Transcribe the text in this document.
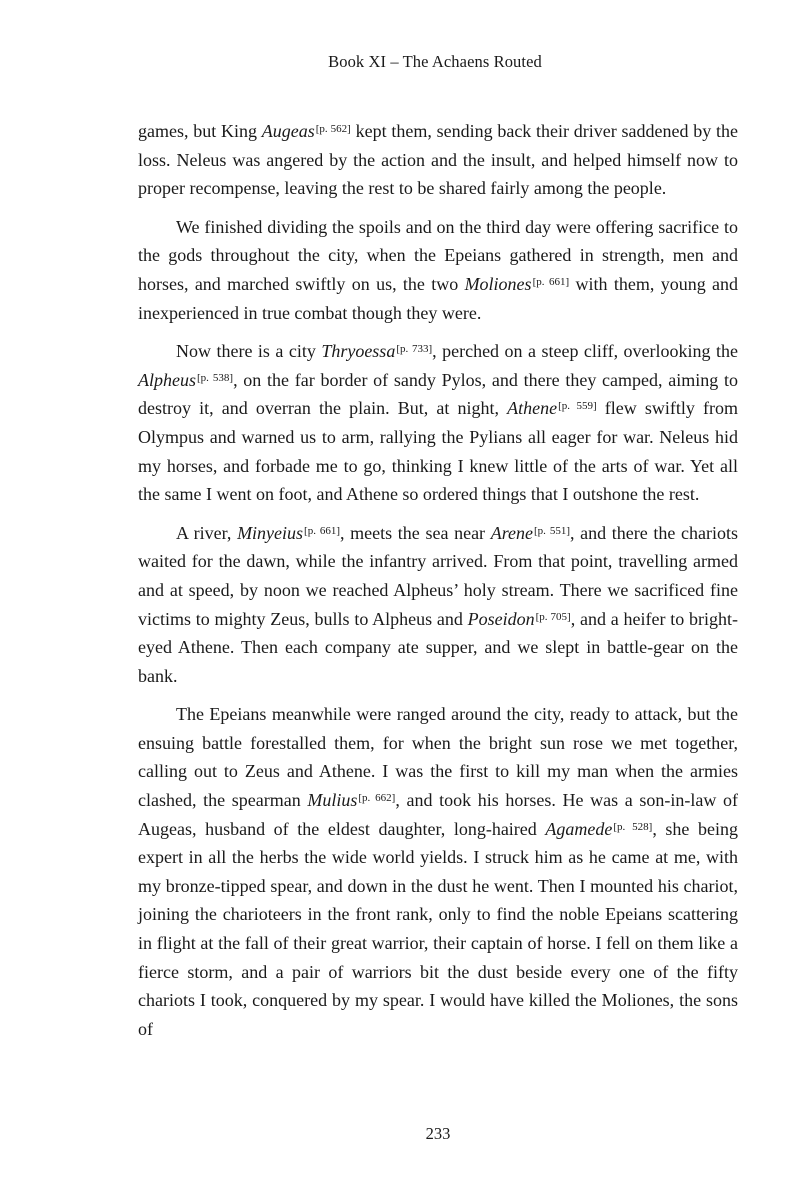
Book XI – The Achaens Routed

games, but King Augeas[p. 562] kept them, sending back their driver saddened by the loss. Neleus was angered by the action and the insult, and helped himself now to proper recompense, leaving the rest to be shared fairly among the people.

We finished dividing the spoils and on the third day were offering sacrifice to the gods throughout the city, when the Epeians gathered in strength, men and horses, and marched swiftly on us, the two Moliones[p. 661] with them, young and inexperienced in true combat though they were.

Now there is a city Thryoessa[p. 733], perched on a steep cliff, overlooking the Alpheus[p. 538], on the far border of sandy Pylos, and there they camped, aiming to destroy it, and overran the plain. But, at night, Athene[p. 559] flew swiftly from Olympus and warned us to arm, rallying the Pylians all eager for war. Neleus hid my horses, and forbade me to go, thinking I knew little of the arts of war. Yet all the same I went on foot, and Athene so ordered things that I outshone the rest.

A river, Minyeius[p. 661], meets the sea near Arene[p. 551], and there the chariots waited for the dawn, while the infantry arrived. From that point, travelling armed and at speed, by noon we reached Alpheus’ holy stream. There we sacrificed fine victims to mighty Zeus, bulls to Alpheus and Poseidon[p. 705], and a heifer to bright-eyed Athene. Then each company ate supper, and we slept in battle-gear on the bank.

The Epeians meanwhile were ranged around the city, ready to attack, but the ensuing battle forestalled them, for when the bright sun rose we met together, calling out to Zeus and Athene. I was the first to kill my man when the armies clashed, the spearman Mulius[p. 662], and took his horses. He was a son-in-law of Augeas, husband of the eldest daughter, long-haired Agamede[p. 528], she being expert in all the herbs the wide world yields. I struck him as he came at me, with my bronze-tipped spear, and down in the dust he went. Then I mounted his chariot, joining the charioteers in the front rank, only to find the noble Epeians scattering in flight at the fall of their great warrior, their captain of horse. I fell on them like a fierce storm, and a pair of warriors bit the dust beside every one of the fifty chariots I took, conquered by my spear. I would have killed the Moliones, the sons of

233
